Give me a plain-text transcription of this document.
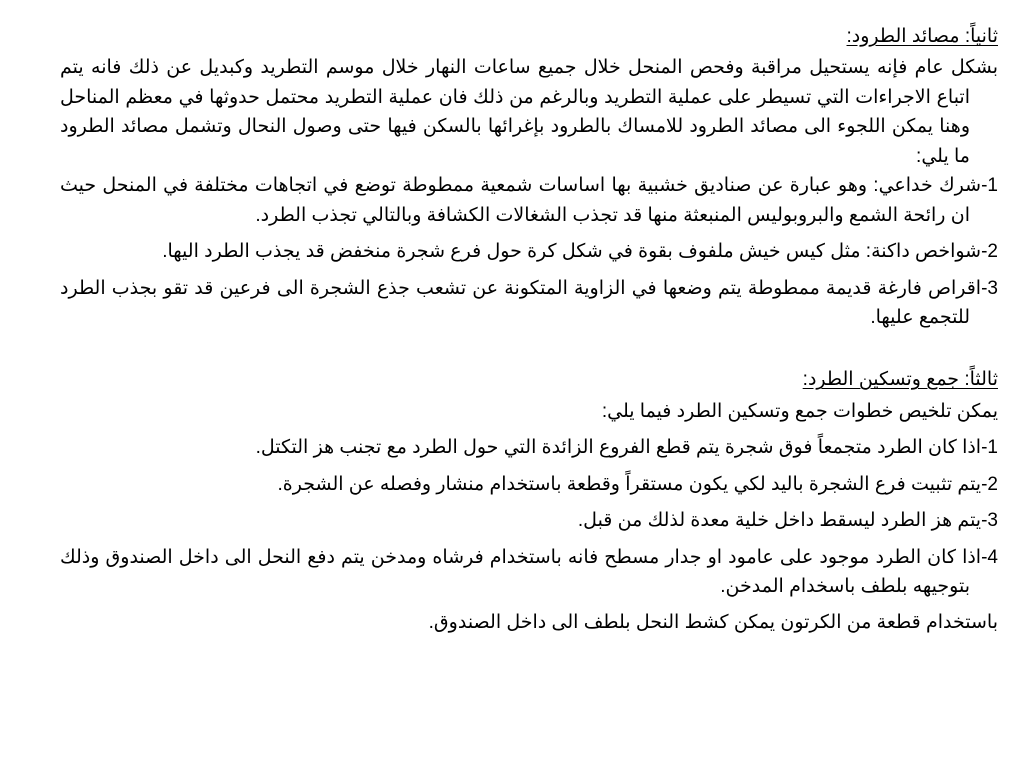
ثانياً: مصائد الطرود:

بشكل عام فإنه يستحيل مراقبة وفحص المنحل خلال جميع ساعات النهار خلال موسم التطريد وكبديل عن ذلك فانه يتم اتباع الاجراءات التي تسيطر على عملية التطريد وبالرغم من ذلك فان عملية التطريد محتمل حدوثها في معظم المناحل وهنا يمكن اللجوء الى مصائد الطرود للامساك بالطرود بإغرائها بالسكن فيها حتى وصول النحال وتشمل مصائد الطرود ما يلي:

1-شرك خداعي: وهو عبارة عن صناديق خشبية بها اساسات شمعية ممطوطة توضع في اتجاهات مختلفة في المنحل حيث ان رائحة الشمع والبروبوليس المنبعثة منها قد تجذب الشغالات الكشافة وبالتالي تجذب الطرد.

2-شواخص داكنة: مثل كيس خيش ملفوف بقوة في شكل كرة حول فرع شجرة منخفض قد يجذب الطرد اليها.

3-اقراص فارغة قديمة ممطوطة يتم وضعها في الزاوية المتكونة عن تشعب جذع الشجرة الى فرعين قد تقو بجذب الطرد للتجمع عليها.

ثالثاً: جمع وتسكين الطرد:

يمكن تلخيص خطوات جمع وتسكين الطرد فيما يلي:

1-اذا كان الطرد متجمعاً فوق شجرة يتم قطع الفروع الزائدة التي حول الطرد مع تجنب هز التكتل.

2-يتم تثبيت فرع الشجرة باليد لكي يكون مستقراً وقطعة باستخدام منشار وفصله عن الشجرة.

3-يتم هز الطرد ليسقط داخل خلية معدة لذلك من قبل.

4-اذا كان الطرد موجود على عامود او جدار مسطح فانه باستخدام فرشاه ومدخن يتم دفع النحل الى داخل الصندوق وذلك بتوجيهه بلطف باسخدام المدخن.

باستخدام قطعة من الكرتون يمكن كشط النحل بلطف الى داخل الصندوق.
